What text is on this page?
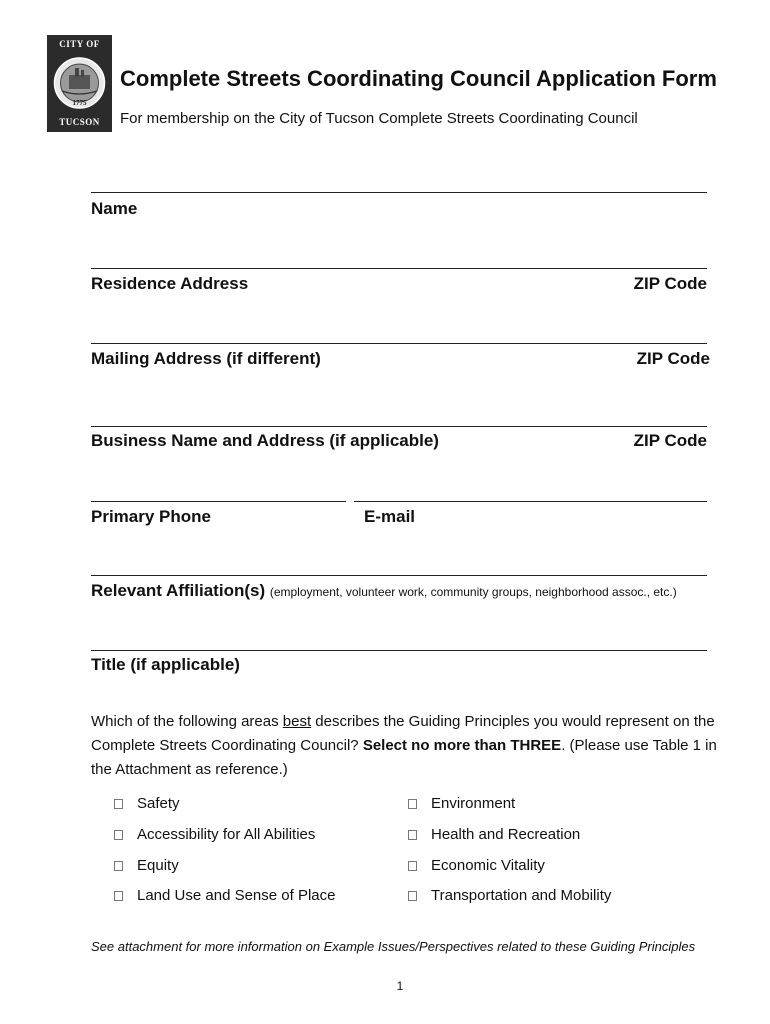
CITY OF
1775
TUCSON
Complete Streets Coordinating Council Application Form
For membership on the City of Tucson Complete Streets Coordinating Council
Name
Residence Address	ZIP Code
Mailing Address (if different)	ZIP Code
Business Name and Address (if applicable)	ZIP Code
Primary Phone	E-mail
Relevant Affiliation(s) (employment, volunteer work, community groups, neighborhood assoc., etc.)
Title (if applicable)
Which of the following areas best describes the Guiding Principles you would represent on the Complete Streets Coordinating Council? Select no more than THREE. (Please use Table 1 in the Attachment as reference.)
Safety
Accessibility for All Abilities
Equity
Land Use and Sense of Place
Environment
Health and Recreation
Economic Vitality
Transportation and Mobility
See attachment for more information on Example Issues/Perspectives related to these Guiding Principles
1
